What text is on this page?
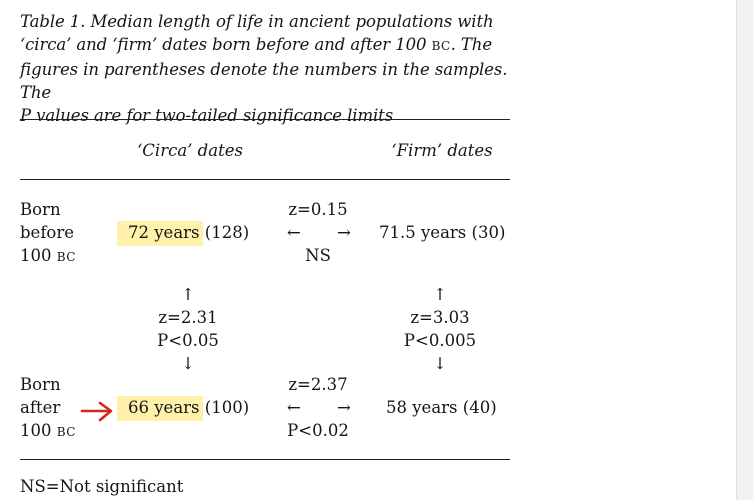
Table 1. Median length of life in ancient populations with
‘circa’ and ‘firm’ dates born before and after 100 BC. The
figures in parentheses denote the numbers in the samples. The
P values are for two-tailed significance limits
‘Circa’ dates	‘Firm’ dates
Born
before
100 BC
72 years (128)
z=0.15
← →
NS
71.5 years (30)
↑
z=2.31
P<0.05
↓
↑
z=3.03
P<0.005
↓
Born
after
100 BC
66 years (100)
z=2.37
← →
P<0.02
58 years (40)
NS=Not significant
